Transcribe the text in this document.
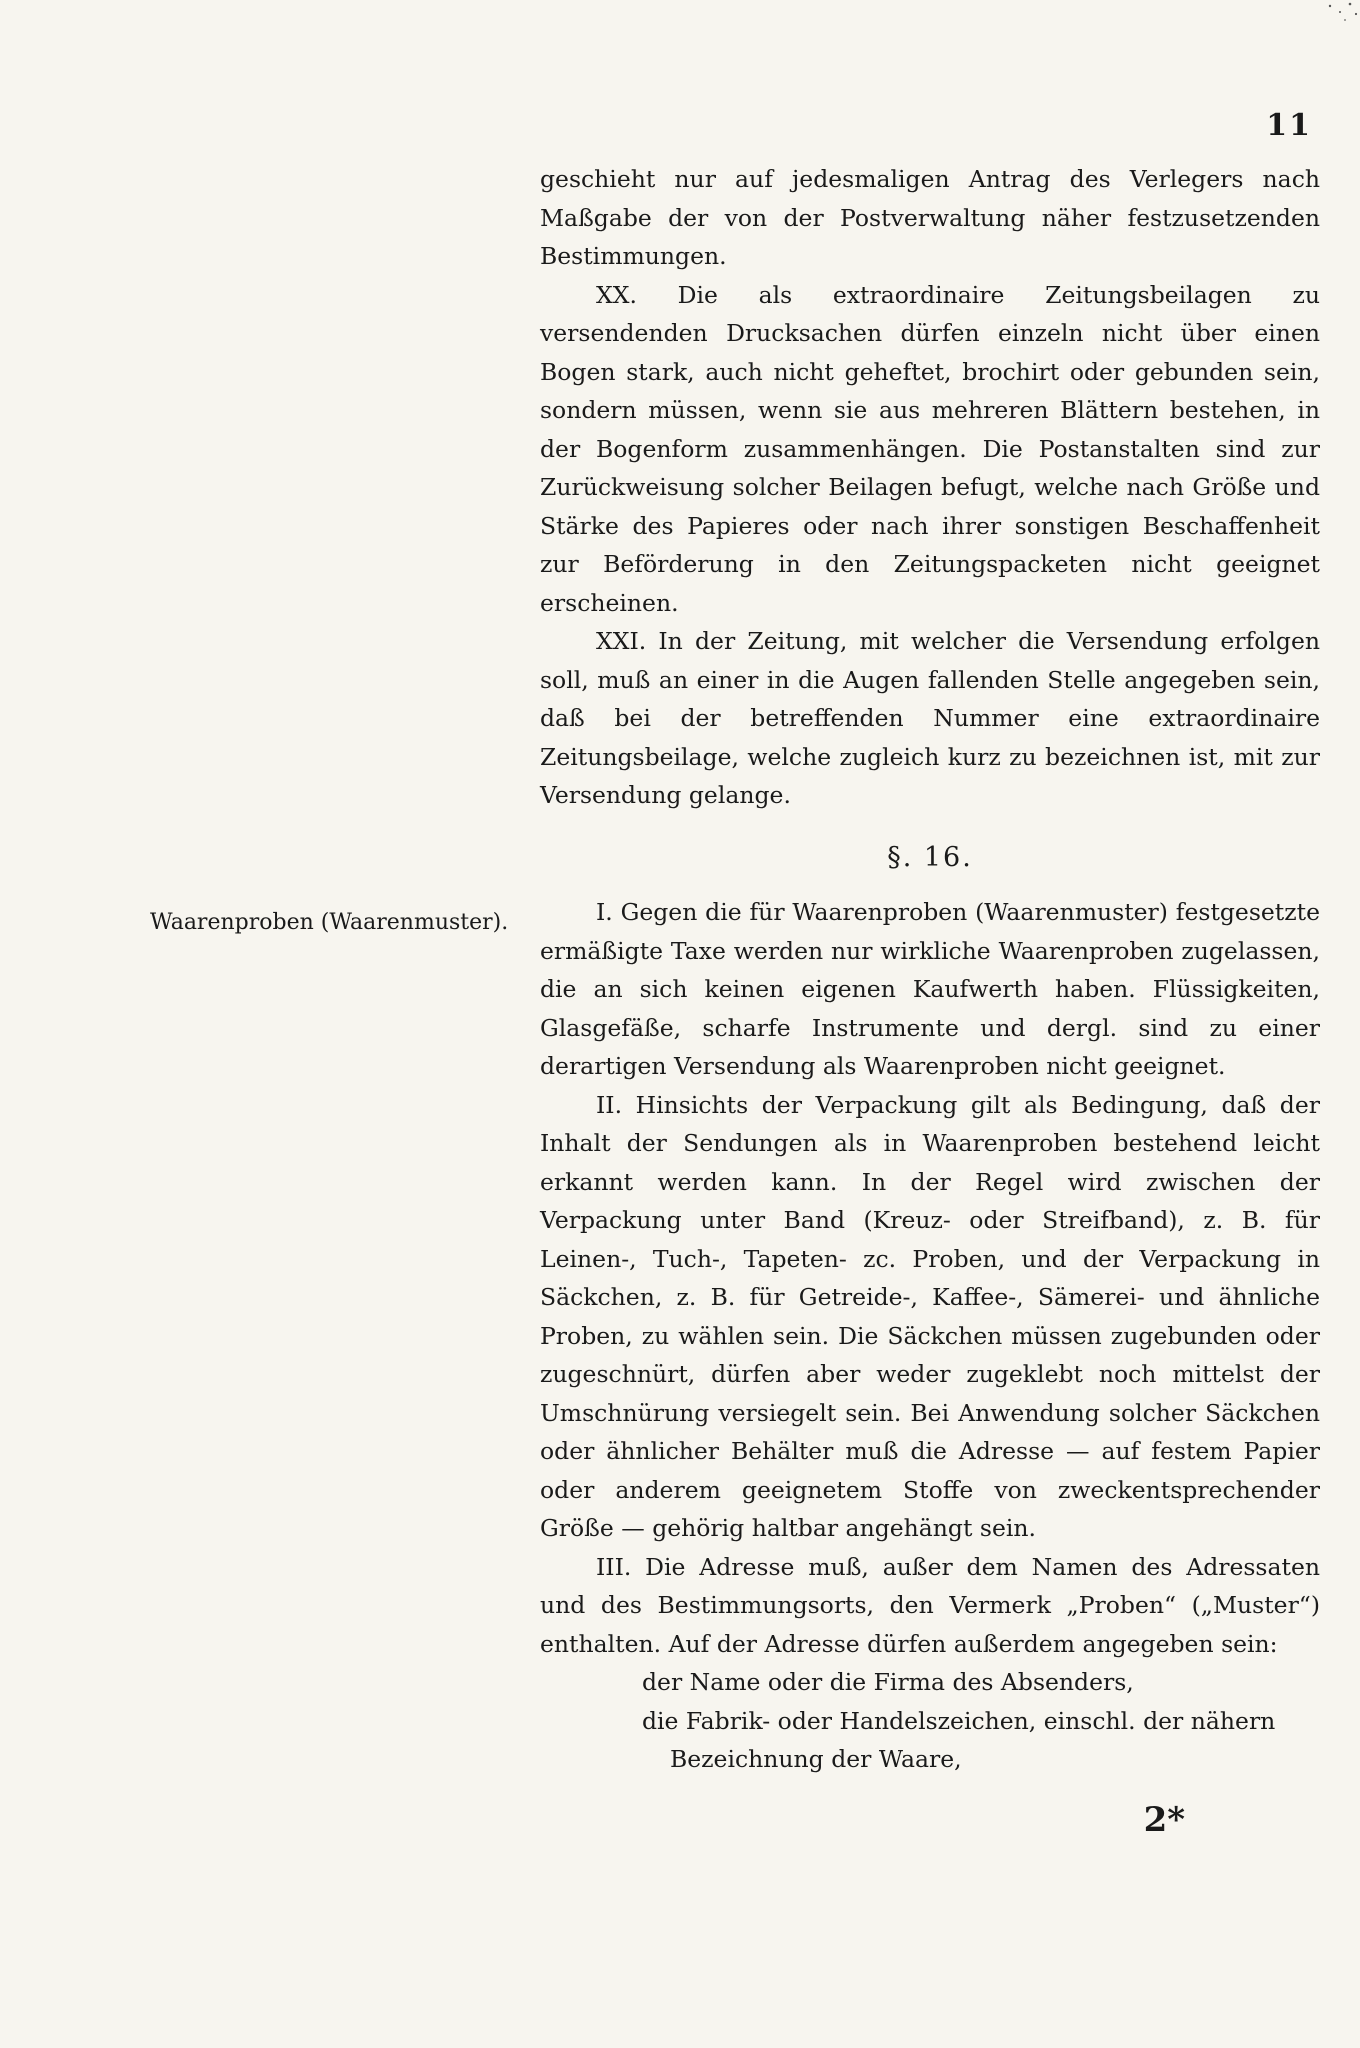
11
Waarenproben (Waarenmuster).

geschieht nur auf jedesmaligen Antrag des Verlegers nach Maßgabe der von der Postverwaltung näher festzusetzenden Bestimmungen.

XX. Die als extraordinaire Zeitungsbeilagen zu versendenden Drucksachen dürfen einzeln nicht über einen Bogen stark, auch nicht geheftet, brochirt oder gebunden sein, sondern müssen, wenn sie aus mehreren Blättern bestehen, in der Bogenform zusammenhängen. Die Postanstalten sind zur Zurückweisung solcher Beilagen befugt, welche nach Größe und Stärke des Papieres oder nach ihrer sonstigen Beschaffenheit zur Beförderung in den Zeitungspacketen nicht geeignet erscheinen.

XXI. In der Zeitung, mit welcher die Versendung erfolgen soll, muß an einer in die Augen fallenden Stelle angegeben sein, daß bei der betreffenden Nummer eine extraordinaire Zeitungsbeilage, welche zugleich kurz zu bezeichnen ist, mit zur Versendung gelange.

§. 16.

I. Gegen die für Waarenproben (Waarenmuster) festgesetzte ermäßigte Taxe werden nur wirkliche Waarenproben zugelassen, die an sich keinen eigenen Kaufwerth haben. Flüssigkeiten, Glasgefäße, scharfe Instrumente und dergl. sind zu einer derartigen Versendung als Waarenproben nicht geeignet.

II. Hinsichts der Verpackung gilt als Bedingung, daß der Inhalt der Sendungen als in Waarenproben bestehend leicht erkannt werden kann. In der Regel wird zwischen der Verpackung unter Band (Kreuz- oder Streifband), z. B. für Leinen-, Tuch-, Tapeten- zc. Proben, und der Verpackung in Säckchen, z. B. für Getreide-, Kaffee-, Sämerei- und ähnliche Proben, zu wählen sein. Die Säckchen müssen zugebunden oder zugeschnürt, dürfen aber weder zugeklebt noch mittelst der Umschnürung versiegelt sein. Bei Anwendung solcher Säckchen oder ähnlicher Behälter muß die Adresse — auf festem Papier oder anderem geeignetem Stoffe von zweckentsprechender Größe — gehörig haltbar angehängt sein.

III. Die Adresse muß, außer dem Namen des Adressaten und des Bestimmungsorts, den Vermerk „Proben“ („Muster“) enthalten. Auf der Adresse dürfen außerdem angegeben sein:

der Name oder die Firma des Absenders,

die Fabrik- oder Handelszeichen, einschl. der nähern

Bezeichnung der Waare,

2*
